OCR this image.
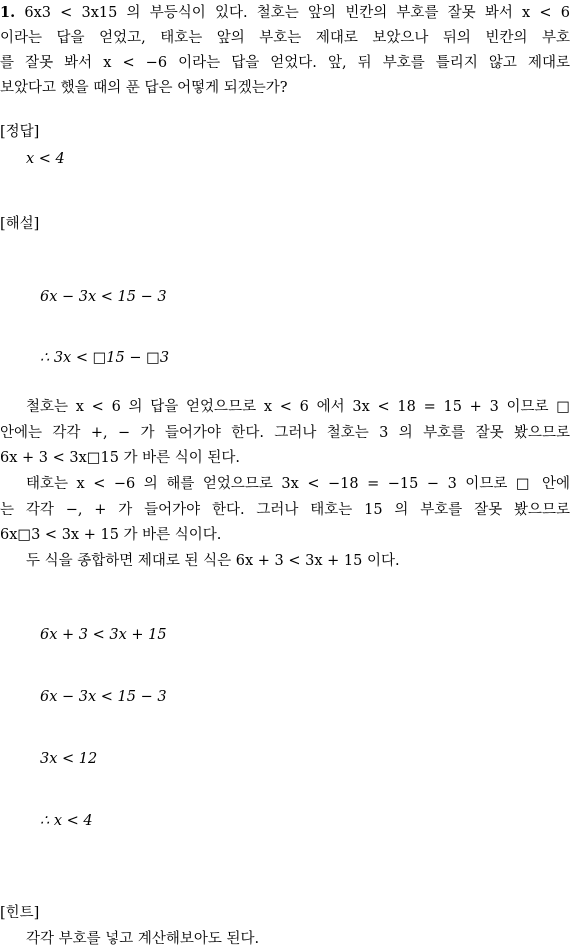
1. 6x3 < 3x15 의 부등식이 있다. 철호는 앞의 빈칸의 부호를 잘못 봐서 x < 6
이라는 답을 얻었고, 태호는 앞의 부호는 제대로 보았으나 뒤의 빈칸의 부호
를 잘못 봐서 x < −6 이라는 답을 얻었다. 앞, 뒤 부호를 틀리지 않고 제대로
보았다고 했을 때의 푼 답은 어떻게 되겠는가?
[정답]
x < 4
[해설]
6x − 3x < 15 − 3
∴ 3x < □15 − □3
철호는 x < 6 의 답을 얻었으므로 x < 6 에서 3x < 18 = 15 + 3 이므로 □
안에는 각각 +, − 가 들어가야 한다. 그러나 철호는 3 의 부호를 잘못 봤으므로
6x + 3 < 3x□15 가 바른 식이 된다.
태호는 x < −6 의 해를 얻었으므로 3x < −18 = −15 − 3 이므로 □ 안에
는 각각 −, + 가 들어가야 한다. 그러나 태호는 15 의 부호를 잘못 봤으므로
6x□3 < 3x + 15 가 바른 식이다.
두 식을 종합하면 제대로 된 식은 6x + 3 < 3x + 15 이다.
6x + 3 < 3x + 15
6x − 3x < 15 − 3
3x < 12
∴ x < 4
[힌트]
각각 부호를 넣고 계산해보아도 된다.
